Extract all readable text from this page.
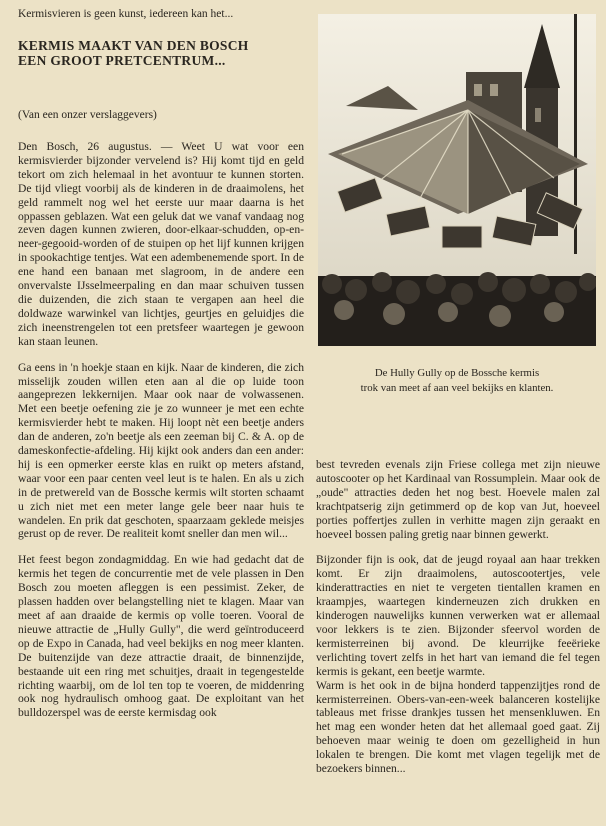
Kermisvieren is geen kunst, iedereen kan het...
KERMIS MAAKT VAN DEN BOSCH
EEN GROOT PRETCENTRUM...
(Van een onzer verslaggevers)

Den Bosch, 26 augustus. — Weet U wat voor een kermisvierder bijzonder vervelend is? Hij komt tijd en geld tekort om zich helemaal in het avontuur te kunnen storten. De tijd vliegt voorbij als de kinderen in de draaimolens, het geld rammelt nog wel het eerste uur maar daarna is het oppassen geblazen. Wat een geluk dat we vanaf vandaag nog zeven dagen kunnen zwieren, door-elkaar-schudden, op-en-neer-gegooid-worden of de stuipen op het lijf kunnen krijgen in spookachtige tentjes. Wat een adembenemende sport. In de ene hand een banaan met slagroom, in de andere een onvervalste IJsselmeerpaling en dan maar schuiven tussen die duizenden, die zich staan te vergapen aan heel die doldwaze warwinkel van lichtjes, geurtjes en geluidjes die zich ineenstrengelen tot een pretsfeer waartegen je gewoon kan staan leunen.

Ga eens in 'n hoekje staan en kijk. Naar de kinderen, die zich misselijk zouden willen eten aan al die op luide toon aangeprezen lekkernijen. Maar ook naar de volwassenen. Met een beetje oefening zie je zo wunneer je met een echte kermisvierder hebt te maken. Hij loopt nèt een beetje anders dan de anderen, zo'n beetje als een zeeman bij C. & A. op de dameskonfectie-afdeling. Hij kijkt ook anders dan een ander: hij is een opmerker eerste klas en ruikt op meters afstand, waar voor een paar centen veel leut is te halen. En als u zich in de pretwereld van de Bossche kermis wilt storten schaamt u zich niet met een meter lange gele beer naar huis te wandelen. En prik dat geschoten, spaarzaam geklede meisjes gerust op de rever. De realiteit komt sneller dan men wil...

Het feest begon zondagmiddag. En wie had gedacht dat de kermis het tegen de concurrentie met de vele plassen in Den Bosch zou moeten afleggen is een pessimist. Zeker, de plassen hadden over belangstelling niet te klagen. Maar van meet af aan draaide de kermis op volle toeren. Vooral de nieuwe attractie de „Hully Gully", die werd geïntroduceerd op de Expo in Canada, had veel bekijks en nog meer klanten. De buitenzijde van deze attractie draait, de binnenzijde, bestaande uit een ring met schuitjes, draait in tegengestelde richting waarbij, om de lol ten top te voeren, de middenring ook nog hydraulisch omhoog gaat. De exploitant van het bulldozerspel was de eerste kermisdag ook

De Hully Gully op de Bossche kermis
trok van meet af aan veel bekijks en klanten.

best tevreden evenals zijn Friese collega met zijn nieuwe autoscooter op het Kardinaal van Rossumplein. Maar ook de „oude" attracties deden het nog best. Hoevele malen zal krachtpatserig zijn getimmerd op de kop van Jut, hoeveel porties poffertjes zullen in verhitte magen zijn geraakt en hoeveel bossen paling gretig naar binnen gewerkt.

Bijzonder fijn is ook, dat de jeugd royaal aan haar trekken komt. Er zijn draaimolens, autoscootertjes, vele kinderattracties en niet te vergeten tientallen kramen en kraampjes, waartegen kinderneuzen zich drukken en kinderogen nauwelijks kunnen verwerken wat er allemaal voor lekkers is te zien. Bijzonder sfeervol worden de kermisterreinen bij avond. De kleurrijke feeërieke verlichting tovert zelfs in het hart van iemand die fel tegen kermis is gekant, een beetje warmte.

Warm is het ook in de bijna honderd tappenzijtjes rond de kermisterreinen. Obers-van-een-week balanceren kostelijke tableaus met frisse drankjes tussen het mensenkluwen. En het mag een wonder heten dat het allemaal goed gaat. Zij behoeven maar weinig te doen om gezelligheid in hun lokalen te brengen. Die komt met vlagen tegelijk met de bezoekers binnen...
